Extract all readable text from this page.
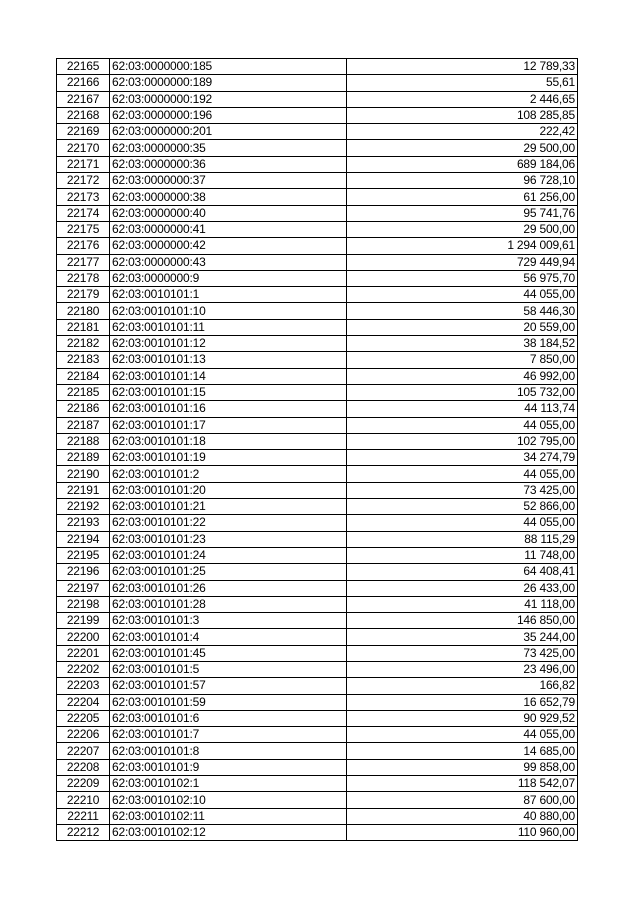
22165	62:03:0000000:185	12 789,33
22166	62:03:0000000:189	55,61
22167	62:03:0000000:192	2 446,65
22168	62:03:0000000:196	108 285,85
22169	62:03:0000000:201	222,42
22170	62:03:0000000:35	29 500,00
22171	62:03:0000000:36	689 184,06
22172	62:03:0000000:37	96 728,10
22173	62:03:0000000:38	61 256,00
22174	62:03:0000000:40	95 741,76
22175	62:03:0000000:41	29 500,00
22176	62:03:0000000:42	1 294 009,61
22177	62:03:0000000:43	729 449,94
22178	62:03:0000000:9	56 975,70
22179	62:03:0010101:1	44 055,00
22180	62:03:0010101:10	58 446,30
22181	62:03:0010101:11	20 559,00
22182	62:03:0010101:12	38 184,52
22183	62:03:0010101:13	7 850,00
22184	62:03:0010101:14	46 992,00
22185	62:03:0010101:15	105 732,00
22186	62:03:0010101:16	44 113,74
22187	62:03:0010101:17	44 055,00
22188	62:03:0010101:18	102 795,00
22189	62:03:0010101:19	34 274,79
22190	62:03:0010101:2	44 055,00
22191	62:03:0010101:20	73 425,00
22192	62:03:0010101:21	52 866,00
22193	62:03:0010101:22	44 055,00
22194	62:03:0010101:23	88 115,29
22195	62:03:0010101:24	11 748,00
22196	62:03:0010101:25	64 408,41
22197	62:03:0010101:26	26 433,00
22198	62:03:0010101:28	41 118,00
22199	62:03:0010101:3	146 850,00
22200	62:03:0010101:4	35 244,00
22201	62:03:0010101:45	73 425,00
22202	62:03:0010101:5	23 496,00
22203	62:03:0010101:57	166,82
22204	62:03:0010101:59	16 652,79
22205	62:03:0010101:6	90 929,52
22206	62:03:0010101:7	44 055,00
22207	62:03:0010101:8	14 685,00
22208	62:03:0010101:9	99 858,00
22209	62:03:0010102:1	118 542,07
22210	62:03:0010102:10	87 600,00
22211	62:03:0010102:11	40 880,00
22212	62:03:0010102:12	110 960,00
